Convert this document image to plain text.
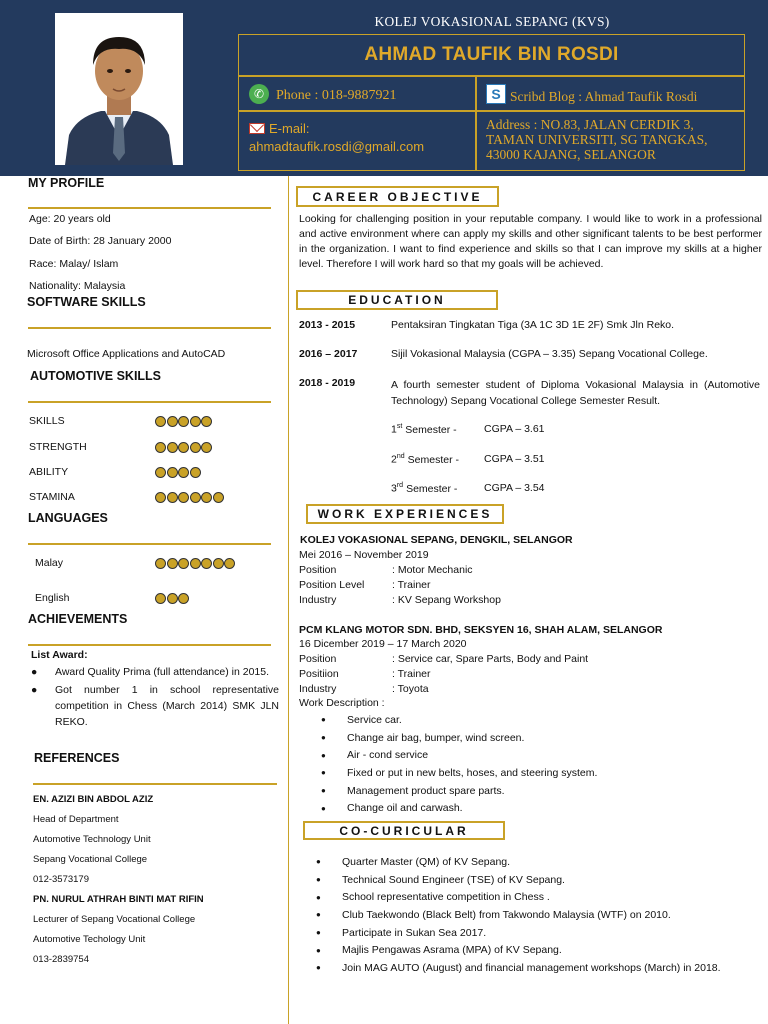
KOLEJ VOKASIONAL SEPANG (KVS)
AHMAD TAUFIK BIN ROSDI
✆ Phone : 018-9887921	S Scribd Blog : Ahmad Taufik Rosdi
E-mail:
ahmadtaufik.rosdi@gmail.com
Address : NO.83, JALAN CERDIK 3,
TAMAN UNIVERSITI, SG TANGKAS,
43000 KAJANG, SELANGOR
MY PROFILE
Age: 20 years old
Date of Birth: 28 January 2000
Race: Malay/ Islam
Nationality: Malaysia
SOFTWARE SKILLS
Microsoft Office Applications and AutoCAD
AUTOMOTIVE SKILLS
SKILLS
STRENGTH
ABILITY
STAMINA
LANGUAGES
Malay
English
ACHIEVEMENTS
List Award:
●	Award Quality Prima (full attendance) in 2015.
●	Got number 1 in school representative competition in Chess (March 2014) SMK JLN REKO.
REFERENCES
EN. AZIZI BIN ABDOL AZIZ
Head of Department
Automotive Technology Unit
Sepang Vocational College
012-3573179
PN. NURUL ATHRAH BINTI MAT RIFIN
Lecturer of Sepang Vocational College
Automotive Techology Unit
013-2839754
CAREER OBJECTIVE
Looking for challenging position in your reputable company. I would like to work in a professional and active environment where can apply my skills and other significant talents to be best performer in the organization. I want to find experience and skills so that I can improve my skills at a higher level. Therefore I will work hard so that my goals will be achieved.
EDUCATION
2013 - 2015	Pentaksiran Tingkatan Tiga (3A 1C 3D 1E 2F) Smk Jln Reko.
2016 – 2017	Sijil Vokasional Malaysia (CGPA – 3.35) Sepang Vocational College.
2018 - 2019	A fourth semester student of Diploma Vokasional Malaysia in (Automotive Technology) Sepang Vocational College Semester Result.
1st Semester -	CGPA – 3.61
2nd Semester - CGPA – 3.51
3rd Semester -	CGPA – 3.54
WORK EXPERIENCES
KOLEJ VOKASIONAL SEPANG, DENGKIL, SELANGOR
Mei 2016 – November 2019
Position	: Motor Mechanic
Position Level	: Trainer
Industry	: KV Sepang Workshop
PCM KLANG MOTOR SDN. BHD, SEKSYEN 16, SHAH ALAM, SELANGOR
16 Dicember 2019 – 17 March 2020
Position	: Service car, Spare Parts, Body and Paint
Positiion	: Trainer
Industry	: Toyota
Work Description :
●	Service car.
●	Change air bag, bumper, wind screen.
●	Air - cond service
●	Fixed or put in new belts, hoses, and steering system.
●	Management product spare parts.
●	Change oil and carwash.
CO-CURICULAR
●	Quarter Master (QM) of KV Sepang.
●	Technical Sound Engineer (TSE) of KV Sepang.
●	School representative competition in Chess .
●	Club Taekwondo (Black Belt) from Takwondo Malaysia (WTF) on 2010.
●	Participate in Sukan Sea 2017.
●	Majlis Pengawas Asrama (MPA) of KV Sepang.
●	Join MAG AUTO (August) and financial management workshops (March) in 2018.
